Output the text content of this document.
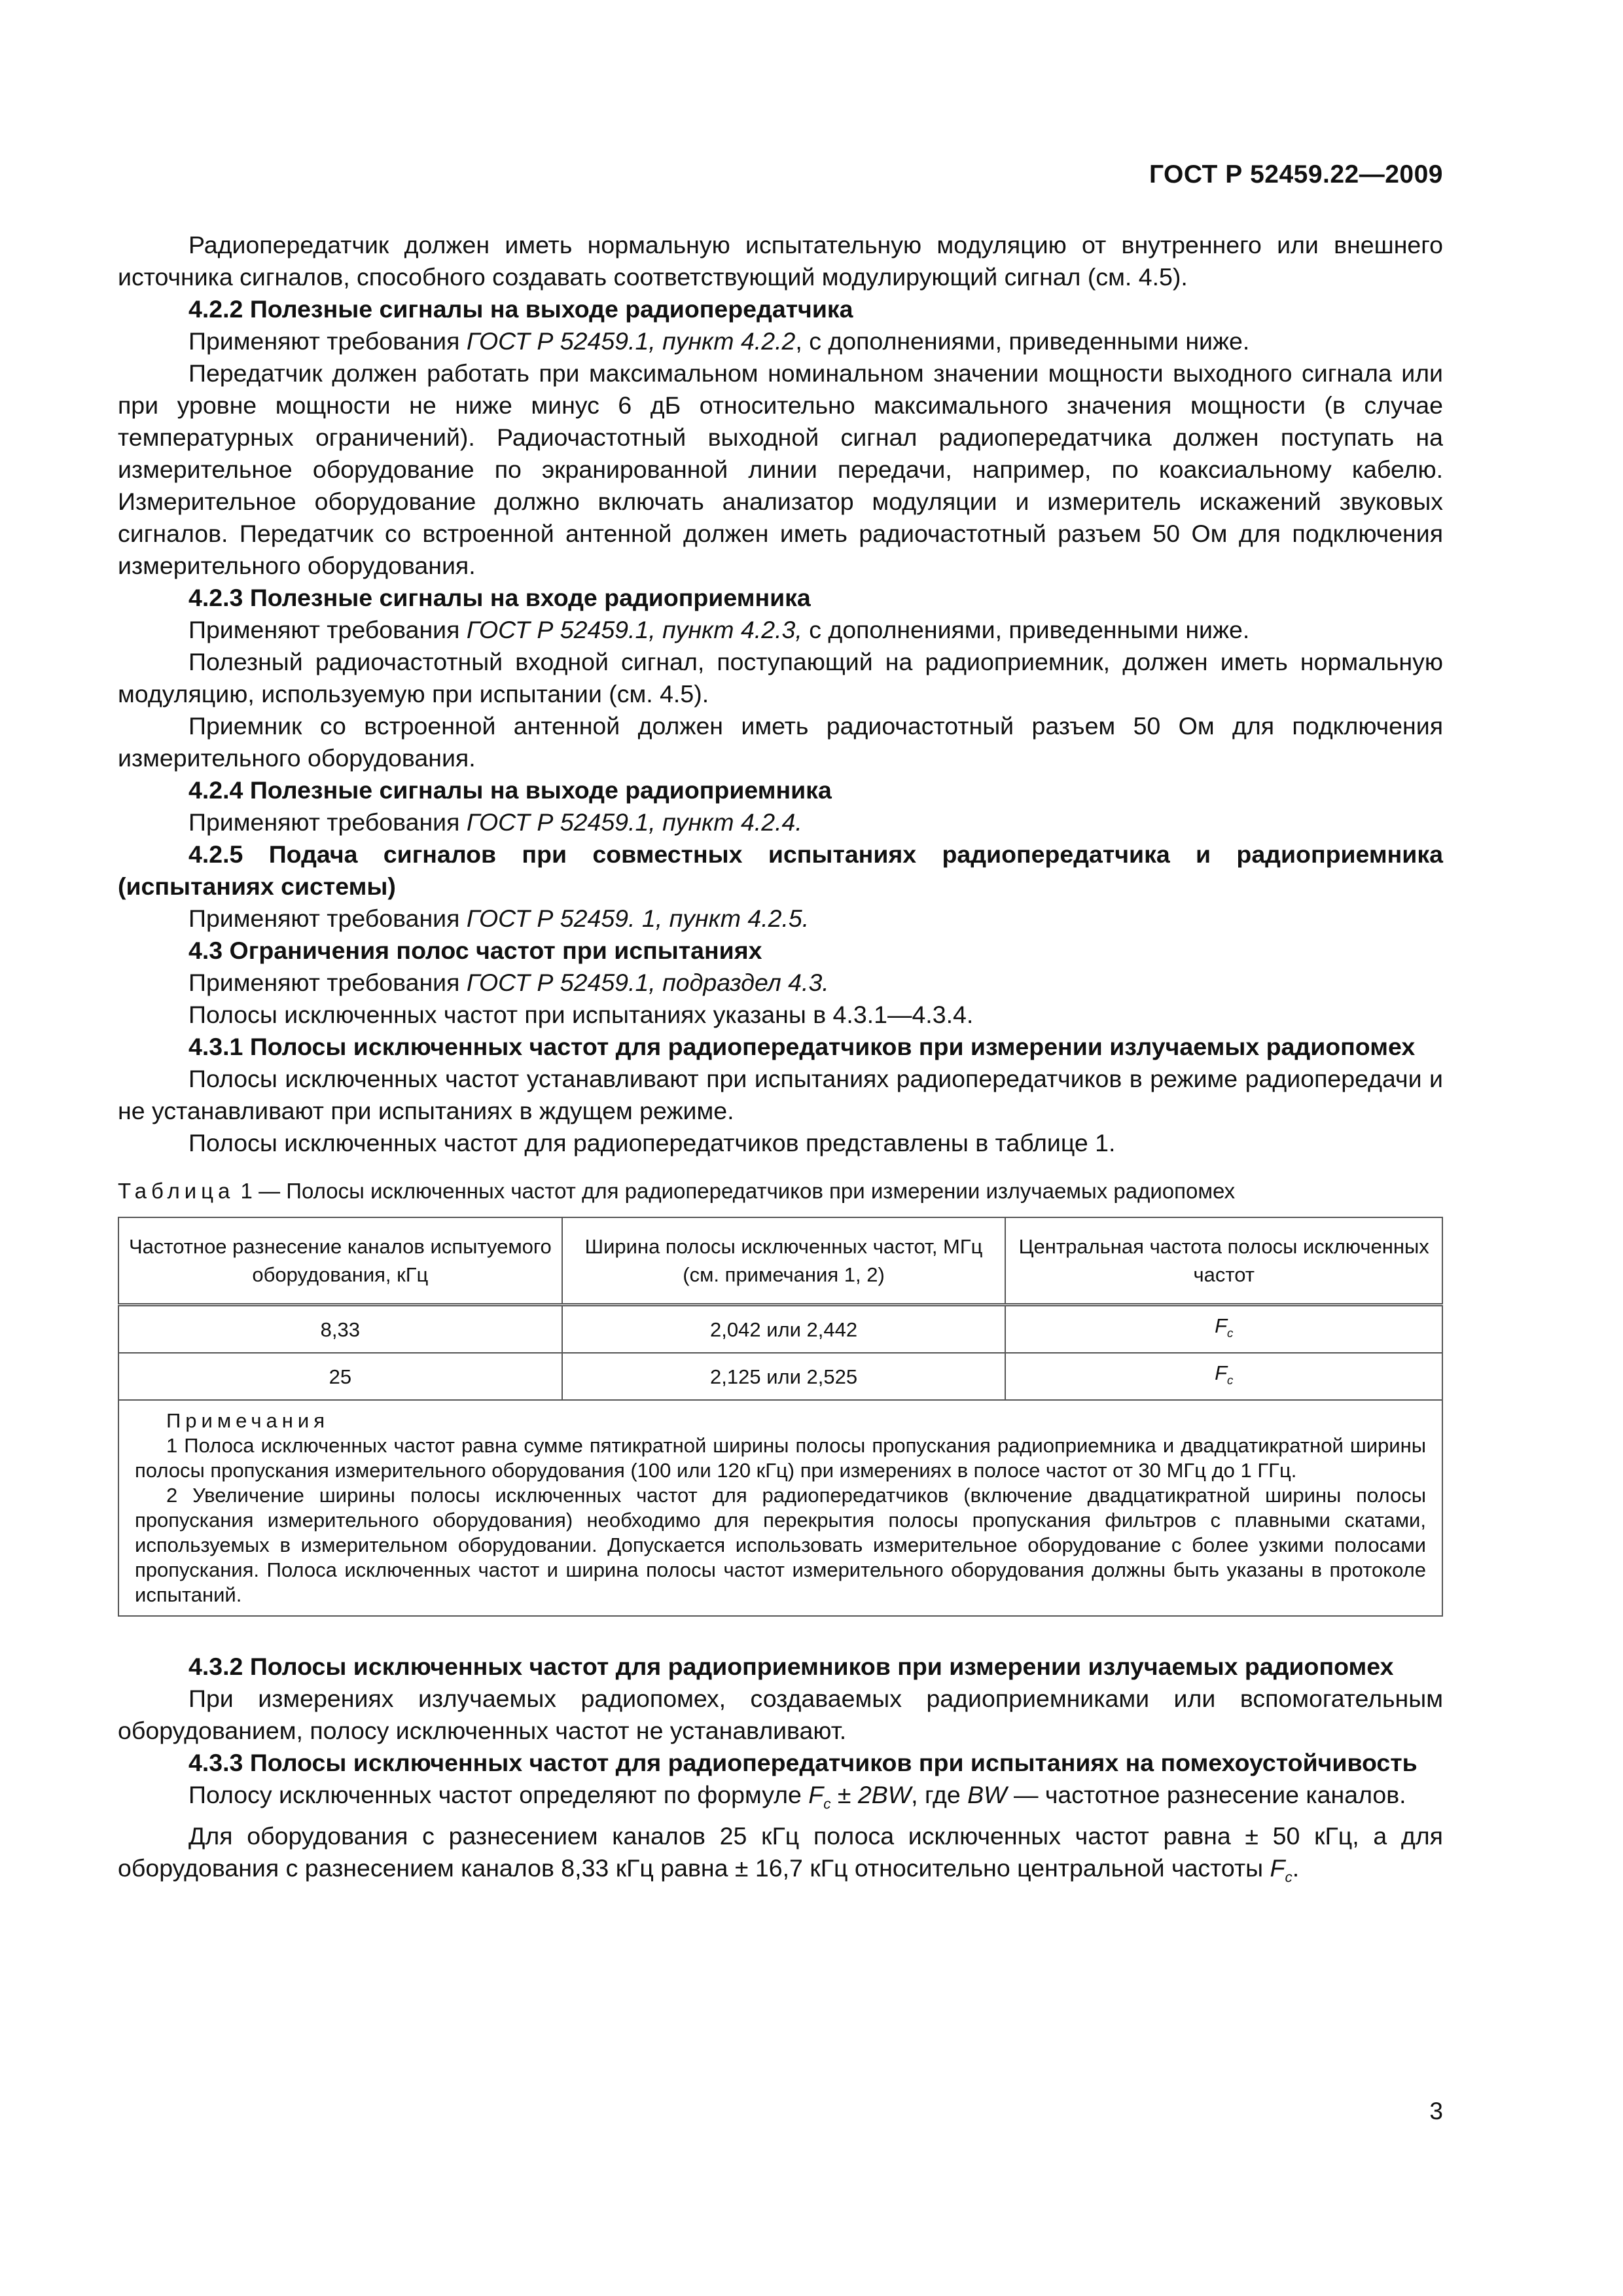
ГОСТ Р 52459.22—2009

Радиопередатчик должен иметь нормальную испытательную модуляцию от внутреннего или внешнего источника сигналов, способного создавать соответствующий модулирующий сигнал (см. 4.5).

4.2.2 Полезные сигналы на выходе радиопередатчика

Применяют требования ГОСТ Р 52459.1, пункт 4.2.2, с дополнениями, приведенными ниже.

Передатчик должен работать при максимальном номинальном значении мощности выходного сигнала или при уровне мощности не ниже минус 6 дБ относительно максимального значения мощности (в случае температурных ограничений). Радиочастотный выходной сигнал радиопередатчика должен поступать на измерительное оборудование по экранированной линии передачи, например, по коаксиальному кабелю. Измерительное оборудование должно включать анализатор модуляции и измеритель искажений звуковых сигналов. Передатчик со встроенной антенной должен иметь радиочастотный разъем 50 Ом для подключения измерительного оборудования.

4.2.3 Полезные сигналы на входе радиоприемника

Применяют требования ГОСТ Р 52459.1, пункт 4.2.3, с дополнениями, приведенными ниже.

Полезный радиочастотный входной сигнал, поступающий на радиоприемник, должен иметь нормальную модуляцию, используемую при испытании (см. 4.5).

Приемник со встроенной антенной должен иметь радиочастотный разъем 50 Ом для подключения измерительного оборудования.

4.2.4 Полезные сигналы на выходе радиоприемника

Применяют требования ГОСТ Р 52459.1, пункт 4.2.4.

4.2.5 Подача сигналов при совместных испытаниях радиопередатчика и радиоприемника (испытаниях системы)

Применяют требования ГОСТ Р 52459. 1, пункт 4.2.5.

4.3 Ограничения полос частот при испытаниях

Применяют требования ГОСТ Р 52459.1, подраздел 4.3.

Полосы исключенных частот при испытаниях указаны в 4.3.1—4.3.4.

4.3.1 Полосы исключенных частот для радиопередатчиков при измерении излучаемых радиопомех

Полосы исключенных частот устанавливают при испытаниях радиопередатчиков в режиме радиопередачи и не устанавливают при испытаниях в ждущем режиме.

Полосы исключенных частот для радиопередатчиков представлены в таблице 1.

Таблица 1 — Полосы исключенных частот для радиопередатчиков при измерении излучаемых радиопомех

Частотное разнесение каналов испытуемого оборудования, кГц	Ширина полосы исключенных частот, МГц (см. примечания 1, 2)	Центральная частота полосы исключенных частот
8,33	2,042 или 2,442	$F_c$
25	2,125 или 2,525	$F_c$

Примечания
1 Полоса исключенных частот равна сумме пятикратной ширины полосы пропускания радиоприемника и двадцатикратной ширины полосы пропускания измерительного оборудования (100 или 120 кГц) при измерениях в полосе частот от 30 МГц до 1 ГГц.
2 Увеличение ширины полосы исключенных частот для радиопередатчиков (включение двадцатикратной ширины полосы пропускания измерительного оборудования) необходимо для перекрытия полосы пропускания фильтров с плавными скатами, используемых в измерительном оборудовании. Допускается использовать измерительное оборудование с более узкими полосами пропускания. Полоса исключенных частот и ширина полосы частот измерительного оборудования должны быть указаны в протоколе испытаний.		

4.3.2 Полосы исключенных частот для радиоприемников при измерении излучаемых радиопомех

При измерениях излучаемых радиопомех, создаваемых радиоприемниками или вспомогательным оборудованием, полосу исключенных частот не устанавливают.

4.3.3 Полосы исключенных частот для радиопередатчиков при испытаниях на помехоустойчивость

Полосу исключенных частот определяют по формуле $F_c \pm 2BW$, где BW — частотное разнесение каналов.

Для оборудования с разнесением каналов 25 кГц полоса исключенных частот равна ± 50 кГц, а для оборудования с разнесением каналов 8,33 кГц равна ± 16,7 кГц относительно центральной частоты $F_c$.

3
